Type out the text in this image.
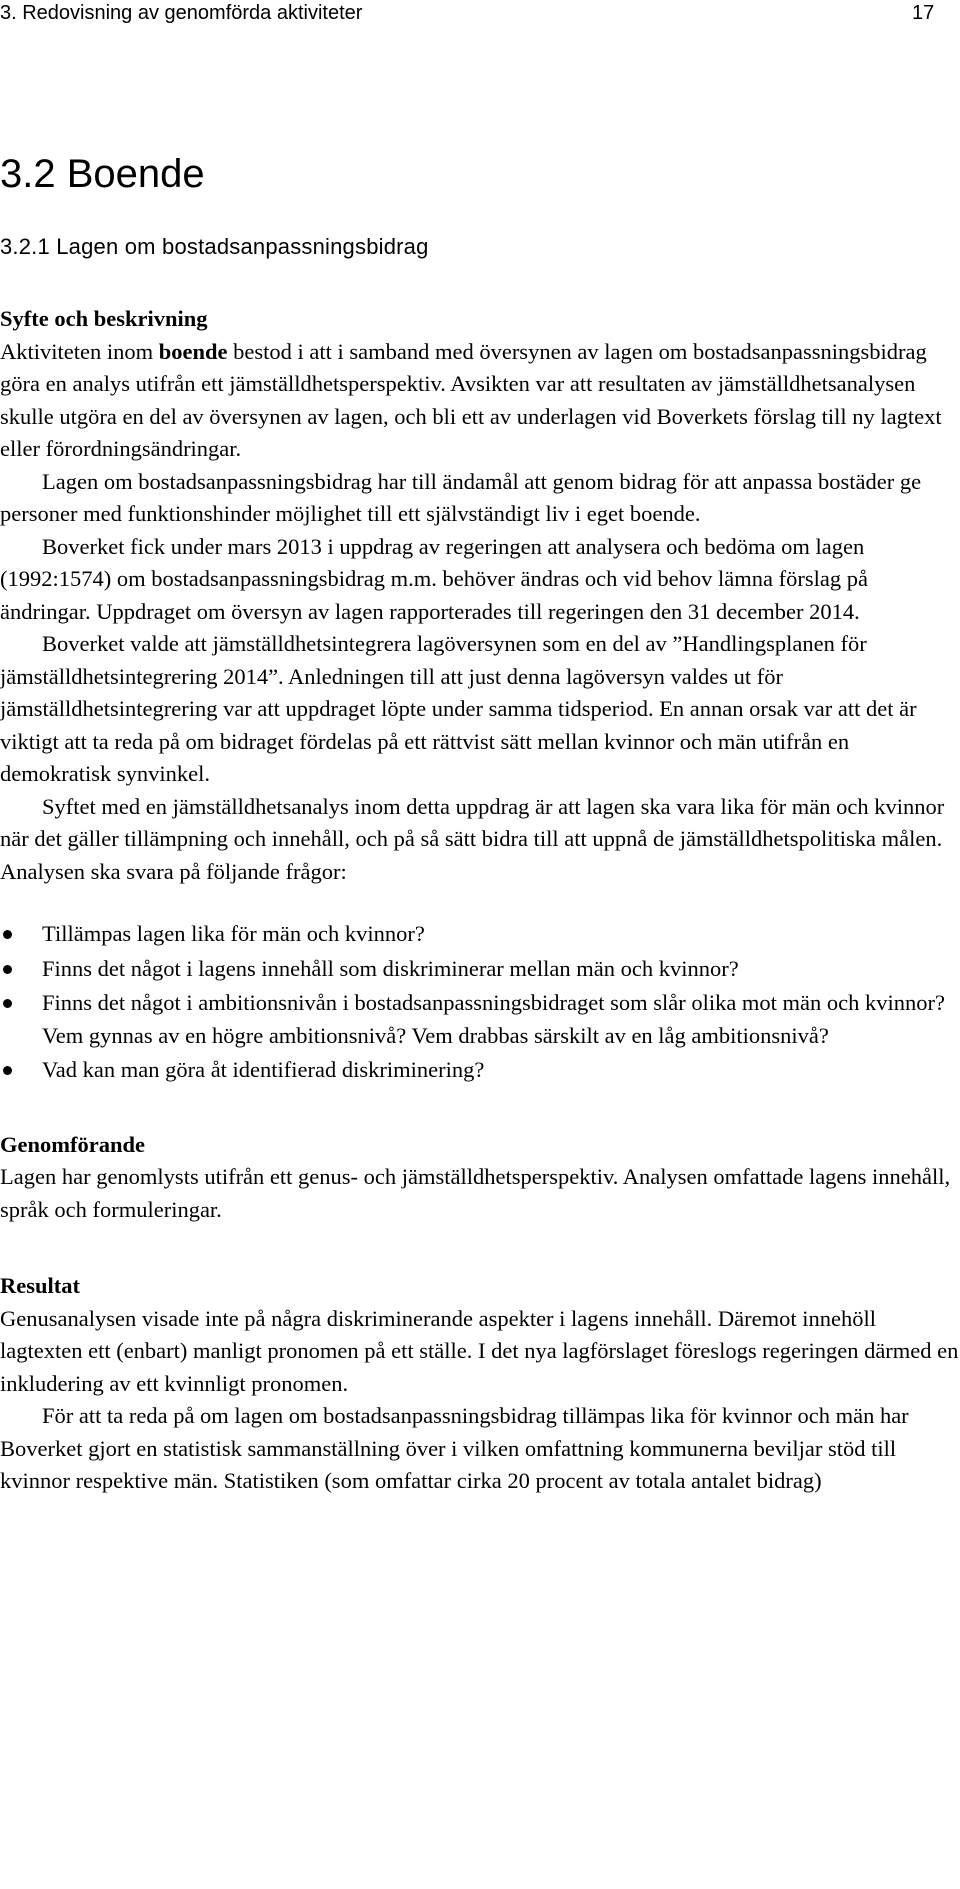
3. Redovisning av genomförda aktiviteter	17
3.2 Boende
3.2.1 Lagen om bostadsanpassningsbidrag

Syfte och beskrivning

Aktiviteten inom boende bestod i att i samband med översynen av lagen om bostadsanpassningsbidrag göra en analys utifrån ett jämställdhetsperspektiv. Avsikten var att resultaten av jämställdhetsanalysen skulle utgöra en del av översynen av lagen, och bli ett av underlagen vid Boverkets förslag till ny lagtext eller förordningsändringar.

Lagen om bostadsanpassningsbidrag har till ändamål att genom bidrag för att anpassa bostäder ge personer med funktionshinder möjlighet till ett självständigt liv i eget boende.

Boverket fick under mars 2013 i uppdrag av regeringen att analysera och bedöma om lagen (1992:1574) om bostadsanpassningsbidrag m.m. behöver ändras och vid behov lämna förslag på ändringar. Uppdraget om översyn av lagen rapporterades till regeringen den 31 december 2014.

Boverket valde att jämställdhetsintegrera lagöversynen som en del av ”Handlingsplanen för jämställdhetsintegrering 2014”. Anledningen till att just denna lagöversyn valdes ut för jämställdhetsintegrering var att uppdraget löpte under samma tidsperiod. En annan orsak var att det är viktigt att ta reda på om bidraget fördelas på ett rättvist sätt mellan kvinnor och män utifrån en demokratisk synvinkel.

Syftet med en jämställdhetsanalys inom detta uppdrag är att lagen ska vara lika för män och kvinnor när det gäller tillämpning och innehåll, och på så sätt bidra till att uppnå de jämställdhetspolitiska målen. Analysen ska svara på följande frågor:

Tillämpas lagen lika för män och kvinnor?
Finns det något i lagens innehåll som diskriminerar mellan män och kvinnor?
Finns det något i ambitionsnivån i bostadsanpassningsbidraget som slår olika mot män och kvinnor? Vem gynnas av en högre ambitionsnivå? Vem drabbas särskilt av en låg ambitionsnivå?
Vad kan man göra åt identifierad diskriminering?

Genomförande

Lagen har genomlysts utifrån ett genus- och jämställdhetsperspektiv. Analysen omfattade lagens innehåll, språk och formuleringar.

Resultat

Genusanalysen visade inte på några diskriminerande aspekter i lagens innehåll. Däremot innehöll lagtexten ett (enbart) manligt pronomen på ett ställe. I det nya lagförslaget föreslogs regeringen därmed en inkludering av ett kvinnligt pronomen.

För att ta reda på om lagen om bostadsanpassningsbidrag tillämpas lika för kvinnor och män har Boverket gjort en statistisk sammanställning över i vilken omfattning kommunerna beviljar stöd till kvinnor respektive män. Statistiken (som omfattar cirka 20 procent av totala antalet bidrag)
